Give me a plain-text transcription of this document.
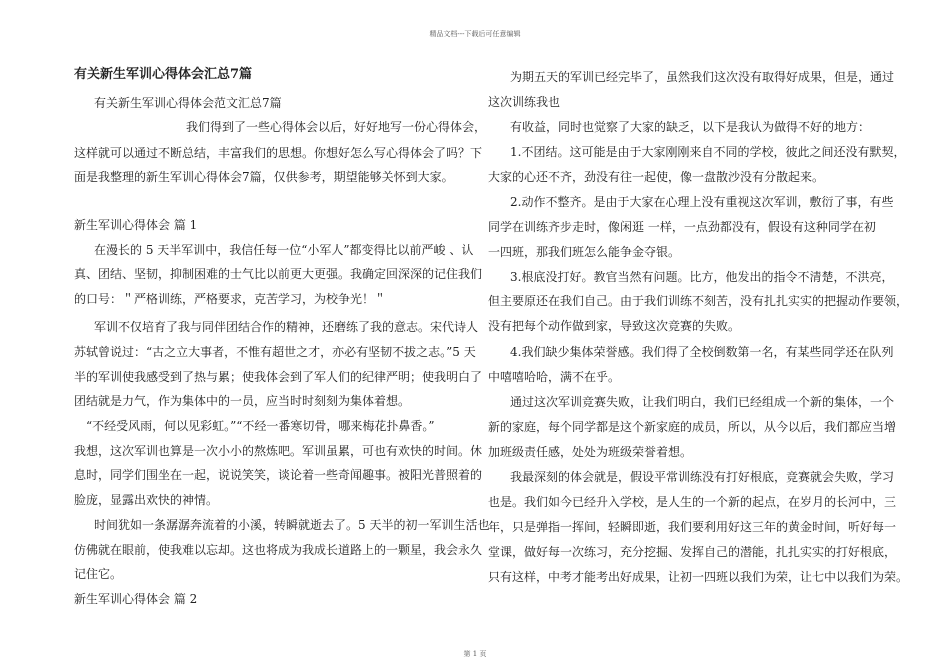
精品文档---下载后可任意编辑
有关新生军训心得体会汇总7篇
有关新生军训心得体会范文汇总7篇
我们得到了一些心得体会以后，好好地写一份心得体会，
这样就可以通过不断总结，丰富我们的思想。你想好怎么写心得体会了吗？下
面是我整理的新生军训心得体会7篇，仅供参考，期望能够关怀到大家。
新生军训心得体会 篇 1
在漫长的 5 天半军训中，我信任每一位“小军人”都变得比以前严峻 、认
真、团结、坚韧，抑制困难的士气比以前更大更强。我确定回深深的记住我们
的口号：＂严格训练，严格要求，克苦学习，为校争光！＂
军训不仅培育了我与同伴团结合作的精神，还磨练了我的意志。宋代诗人
苏轼曾说过：“古之立大事者，不惟有超世之才，亦必有坚韧不拔之志。”5 天
半的军训使我感受到了热与累；使我体会到了军人们的纪律严明；使我明白了
团结就是力气，作为集体中的一员，应当时时刻刻为集体着想。
“不经受风雨，何以见彩虹。”“不经一番寒切骨，哪来梅花扑鼻香。”
我想，这次军训也算是一次小小的熬炼吧。军训虽累，可也有欢快的时间。休
息时，同学们围坐在一起，说说笑笑，谈论着一些奇闻趣事。被阳光普照着的
脸庞，显露出欢快的神情。
时间犹如一条潺潺奔流着的小溪，转瞬就逝去了。5 天半的初一军训生活也
仿佛就在眼前，使我难以忘却。这也将成为我成长道路上的一颗星，我会永久
记住它。
新生军训心得体会 篇 2
为期五天的军训已经完毕了，虽然我们这次没有取得好成果，但是，通过
这次训练我也
有收益，同时也觉察了大家的缺乏，以下是我认为做得不好的地方：
1.不团结。这可能是由于大家刚刚来自不同的学校，彼此之间还没有默契，
大家的心还不齐，劲没有往一起使，像一盘散沙没有分散起来。
2.动作不整齐。是由于大家在心理上没有重视这次军训，敷衍了事，有些
同学在训练齐步走时，像闲逛 一样，一点劲都没有，假设有这种同学在初
一四班，那我们班怎么能争金夺银。
3.根底没打好。教官当然有问题。比方，他发出的指令不清楚，不洪亮，
但主要原还在我们自己。由于我们训练不刻苦，没有扎扎实实的把握动作要领，
没有把每个动作做到家，导致这次竞赛的失败。
4.我们缺少集体荣誉感。我们得了全校倒数第一名，有某些同学还在队列
中嘻嘻哈哈，满不在乎。
通过这次军训竞赛失败，让我们明白，我们已经组成一个新的集体，一个
新的家庭，每个同学都是这个新家庭的成员，所以，从今以后，我们都应当增
加班级责任感，处处为班级荣誉着想。
我最深刻的体会就是，假设平常训练没有打好根底，竞赛就会失败，学习
也是。我们如今已经升入学校，是人生的一个新的起点，在岁月的长河中，三
年，只是弹指一挥间，轻瞬即逝，我们要利用好这三年的黄金时间，听好每一
堂课，做好每一次练习，充分挖掘、发挥自己的潜能，扎扎实实的打好根底，
只有这样，中考才能考出好成果，让初一四班以我们为荣，让七中以我们为荣。
第 1 页
